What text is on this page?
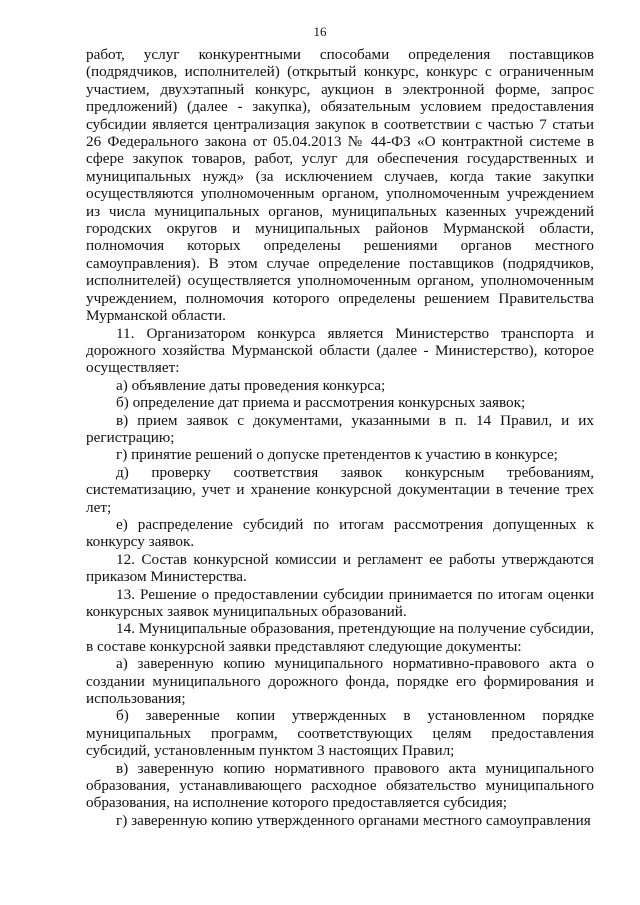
16

работ, услуг конкурентными способами определения поставщиков (подрядчиков, исполнителей) (открытый конкурс, конкурс с ограниченным участием, двухэтапный конкурс, аукцион в электронной форме, запрос предложений) (далее - закупка), обязательным условием предоставления субсидии является централизация закупок в соответствии с частью 7 статьи 26 Федерального закона от 05.04.2013 № 44-ФЗ «О контрактной системе в сфере закупок товаров, работ, услуг для обеспечения государственных и муниципальных нужд» (за исключением случаев, когда такие закупки осуществляются уполномоченным органом, уполномоченным учреждением из числа муниципальных органов, муниципальных казенных учреждений городских округов и муниципальных районов Мурманской области, полномочия которых определены решениями органов местного самоуправления). В этом случае определение поставщиков (подрядчиков, исполнителей) осуществляется уполномоченным органом, уполномоченным учреждением, полномочия которого определены решением Правительства Мурманской области.

11. Организатором конкурса является Министерство транспорта и дорожного хозяйства Мурманской области (далее - Министерство), которое осуществляет:

а) объявление даты проведения конкурса;

б) определение дат приема и рассмотрения конкурсных заявок;

в) прием заявок с документами, указанными в п. 14 Правил, и их регистрацию;

г) принятие решений о допуске претендентов к участию в конкурсе;

д) проверку соответствия заявок конкурсным требованиям, систематизацию, учет и хранение конкурсной документации в течение трех лет;

е) распределение субсидий по итогам рассмотрения допущенных к конкурсу заявок.

12. Состав конкурсной комиссии и регламент ее работы утверждаются приказом Министерства.

13. Решение о предоставлении субсидии принимается по итогам оценки конкурсных заявок муниципальных образований.

14. Муниципальные образования, претендующие на получение субсидии, в составе конкурсной заявки представляют следующие документы:

а) заверенную копию муниципального нормативно-правового акта о создании муниципального дорожного фонда, порядке его формирования и использования;

б) заверенные копии утвержденных в установленном порядке муниципальных программ, соответствующих целям предоставления субсидий, установленным пунктом 3 настоящих Правил;

в) заверенную копию нормативного правового акта муниципального образования, устанавливающего расходное обязательство муниципального образования, на исполнение которого предоставляется субсидия;

г) заверенную копию утвержденного органами местного самоуправления
